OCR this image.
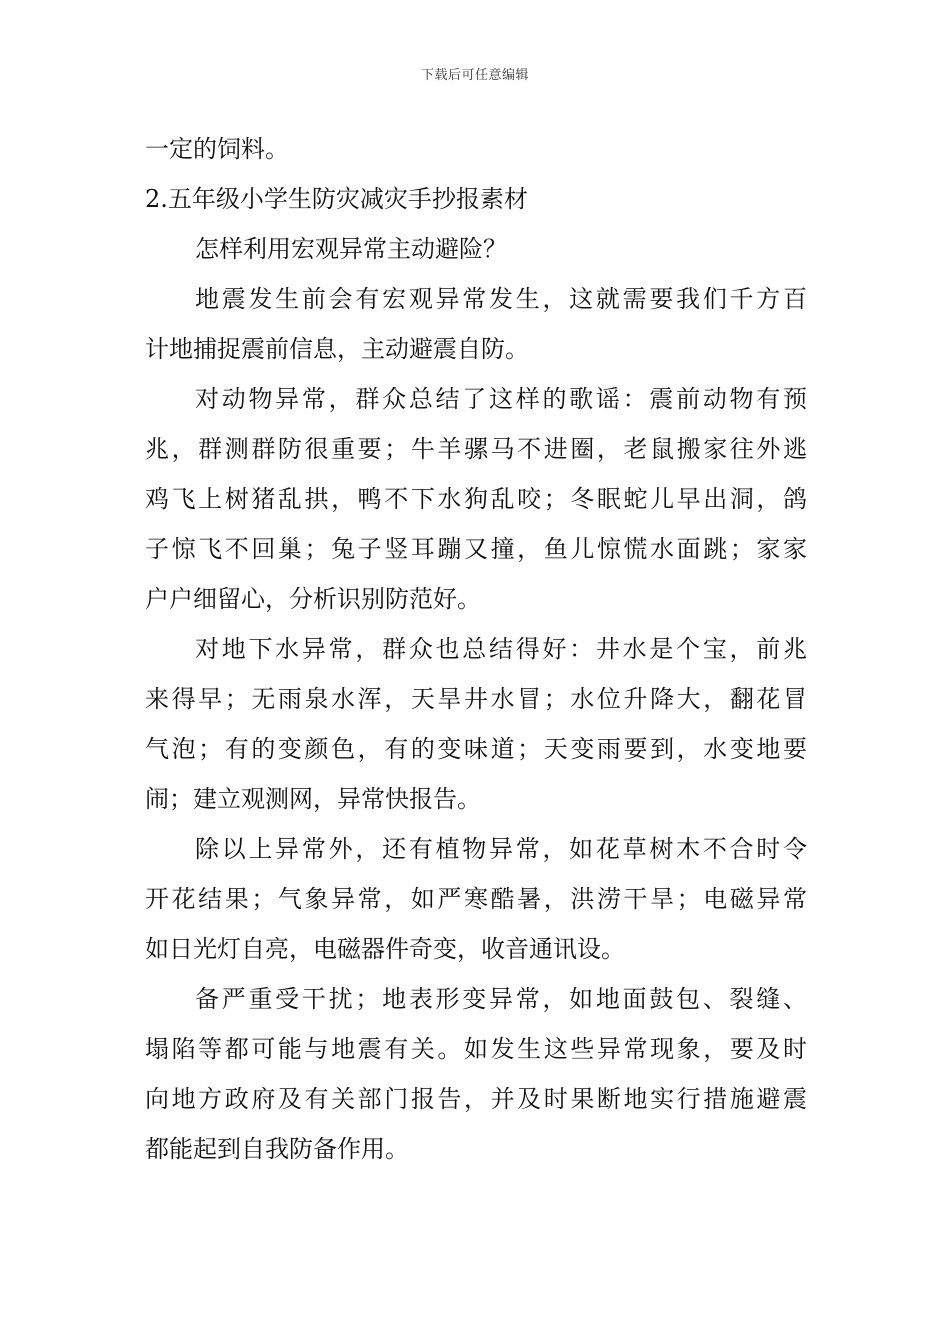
下载后可任意编辑
一定的饲料。
2.五年级小学生防灾减灾手抄报素材
怎样利用宏观异常主动避险？
地震发生前会有宏观异常发生，这就需要我们千方百
计地捕捉震前信息，主动避震自防。
对动物异常，群众总结了这样的歌谣：震前动物有预
兆，群测群防很重要；牛羊骡马不进圈，老鼠搬家往外逃
鸡飞上树猪乱拱，鸭不下水狗乱咬；冬眠蛇儿早出洞，鸽
子惊飞不回巢；兔子竖耳蹦又撞，鱼儿惊慌水面跳；家家
户户细留心，分析识别防范好。
对地下水异常，群众也总结得好：井水是个宝，前兆
来得早；无雨泉水浑，天旱井水冒；水位升降大，翻花冒
气泡；有的变颜色，有的变味道；天变雨要到，水变地要
闹；建立观测网，异常快报告。
除以上异常外，还有植物异常，如花草树木不合时令
开花结果；气象异常，如严寒酷暑，洪涝干旱；电磁异常
如日光灯自亮，电磁器件奇变，收音通讯设。
备严重受干扰；地表形变异常，如地面鼓包、裂缝、
塌陷等都可能与地震有关。如发生这些异常现象，要及时
向地方政府及有关部门报告，并及时果断地实行措施避震
都能起到自我防备作用。
